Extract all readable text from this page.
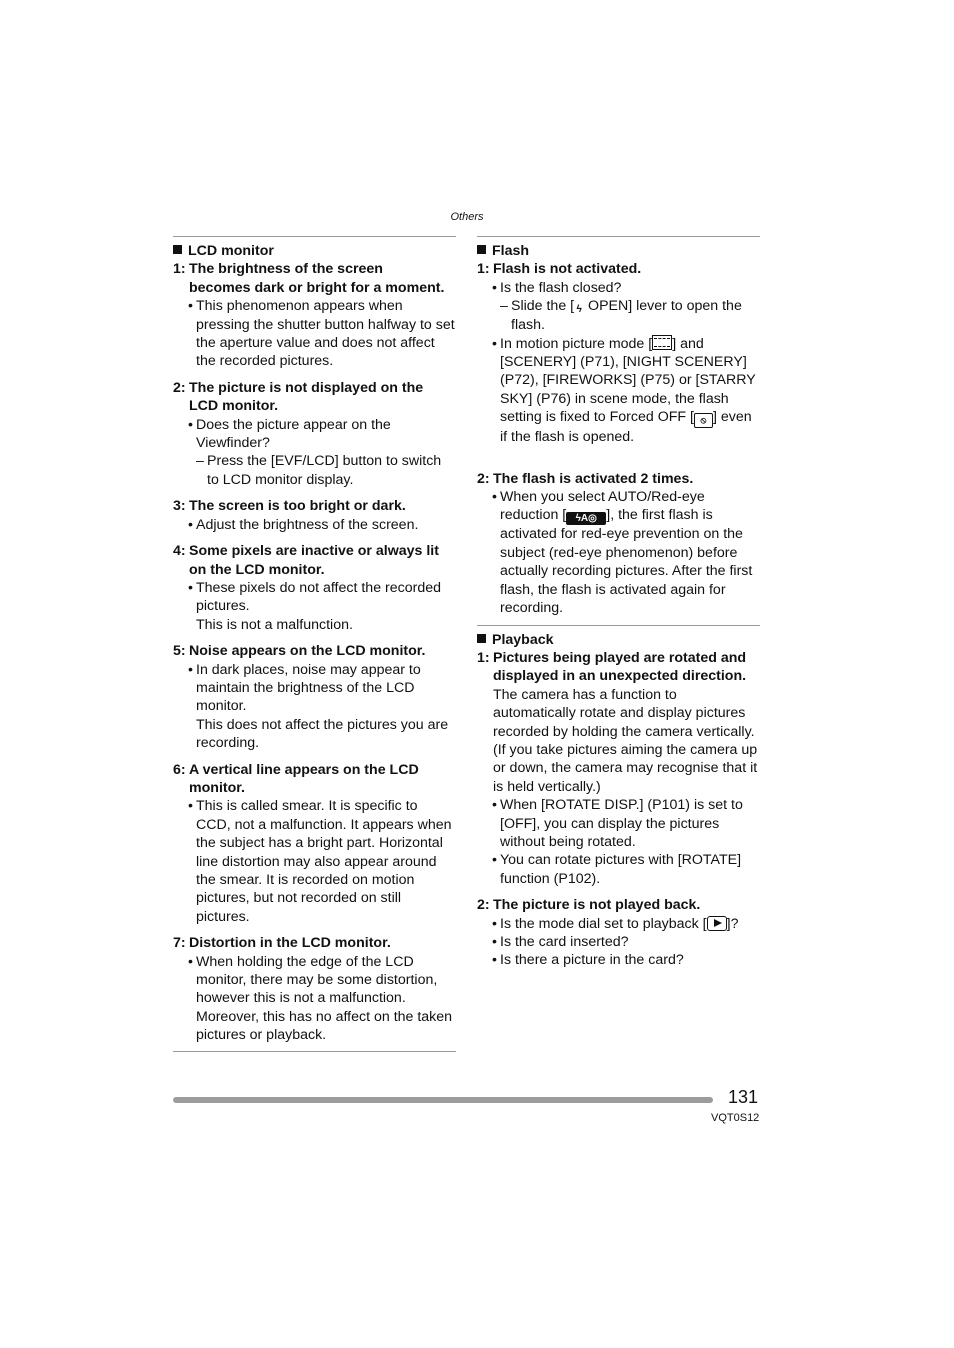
Others
LCD monitor
1: The brightness of the screen
becomes dark or bright for a moment.
• This phenomenon appears when pressing the shutter button halfway to set the aperture value and does not affect the recorded pictures.
2: The picture is not displayed on the
LCD monitor.
• Does the picture appear on the Viewfinder?
– Press the [EVF/LCD] button to switch to LCD monitor display.
3: The screen is too bright or dark.
• Adjust the brightness of the screen.
4: Some pixels are inactive or always lit
on the LCD monitor.
• These pixels do not affect the recorded pictures.
This is not a malfunction.
5: Noise appears on the LCD monitor.
• In dark places, noise may appear to maintain the brightness of the LCD monitor.
This does not affect the pictures you are recording.
6: A vertical line appears on the LCD
monitor.
• This is called smear. It is specific to CCD, not a malfunction. It appears when the subject has a bright part. Horizontal line distortion may also appear around the smear. It is recorded on motion pictures, but not recorded on still pictures.
7: Distortion in the LCD monitor.
• When holding the edge of the LCD monitor, there may be some distortion, however this is not a malfunction. Moreover, this has no affect on the taken pictures or playback.
Flash
1: Flash is not activated.
• Is the flash closed?
– Slide the [ ϟ OPEN] lever to open the flash.
• In motion picture mode [ ] and [SCENERY] (P71), [NIGHT SCENERY] (P72), [FIREWORKS] (P75) or [STARRY SKY] (P76) in scene mode, the flash setting is fixed to Forced OFF [ ⦸ ] even if the flash is opened.
2: The flash is activated 2 times.
• When you select AUTO/Red-eye reduction [ ϟA◎ ], the first flash is activated for red-eye prevention on the subject (red-eye phenomenon) before actually recording pictures. After the first flash, the flash is activated again for recording.
Playback
1: Pictures being played are rotated and
displayed in an unexpected direction.
The camera has a function to automatically rotate and display pictures recorded by holding the camera vertically.
(If you take pictures aiming the camera up or down, the camera may recognise that it is held vertically.)
• When [ROTATE DISP.] (P101) is set to [OFF], you can display the pictures without being rotated.
• You can rotate pictures with [ROTATE] function (P102).
2: The picture is not played back.
• Is the mode dial set to playback [ ]?
• Is the card inserted?
• Is there a picture in the card?
131
VQT0S12
